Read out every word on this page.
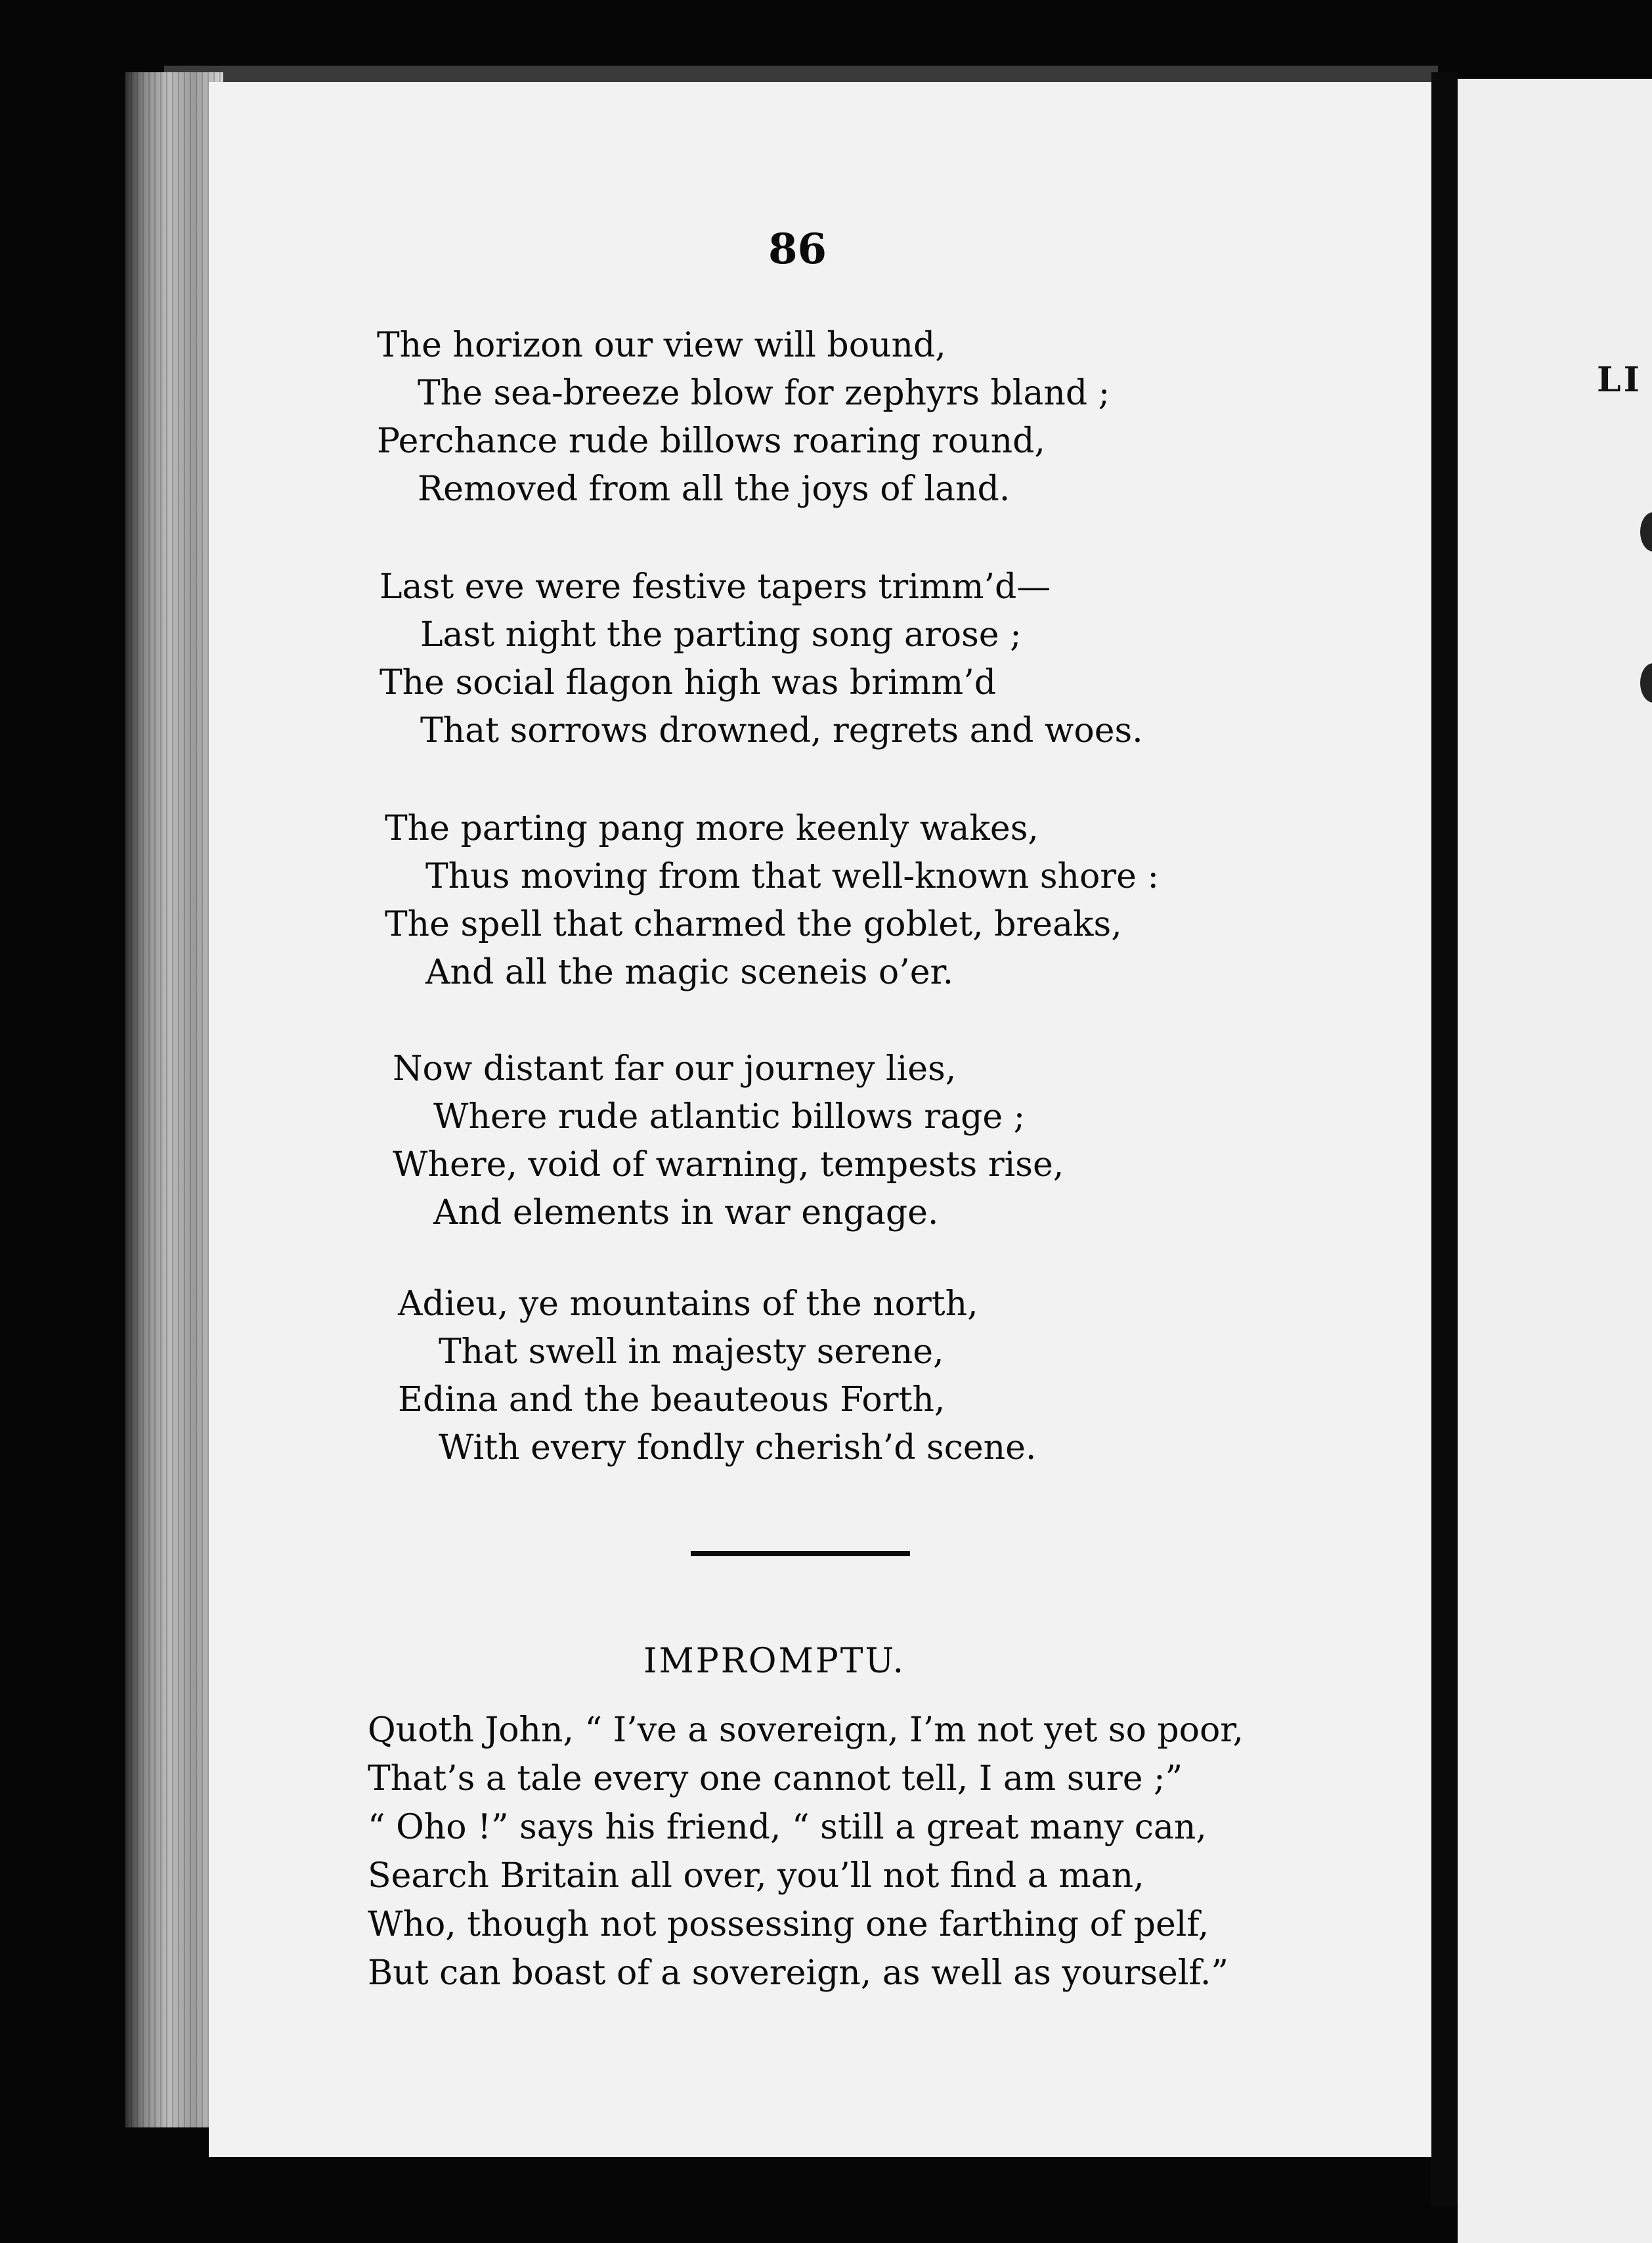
LI
86
The horizon our view will bound,
The sea-breeze blow for zephyrs bland ;
Perchance rude billows roaring round,
Removed from all the joys of land.
Last eve were festive tapers trimm’d—
Last night the parting song arose ;
The social flagon high was brimm’d
That sorrows drowned, regrets and woes.
The parting pang more keenly wakes,
Thus moving from that well-known shore :
The spell that charmed the goblet, breaks,
And all the magic sceneis o’er.
Now distant far our journey lies,
Where rude atlantic billows rage ;
Where, void of warning, tempests rise,
And elements in war engage.
Adieu, ye mountains of the north,
That swell in majesty serene,
Edina and the beauteous Forth,
With every fondly cherish’d scene.
IMPROMPTU.
Quoth John, “ I’ve a sovereign, I’m not yet so poor,
That’s a tale every one cannot tell, I am sure ;”
“ Oho !” says his friend, “ still a great many can,
Search Britain all over, you’ll not find a man,
Who, though not possessing one farthing of pelf,
But can boast of a sovereign, as well as yourself.”
